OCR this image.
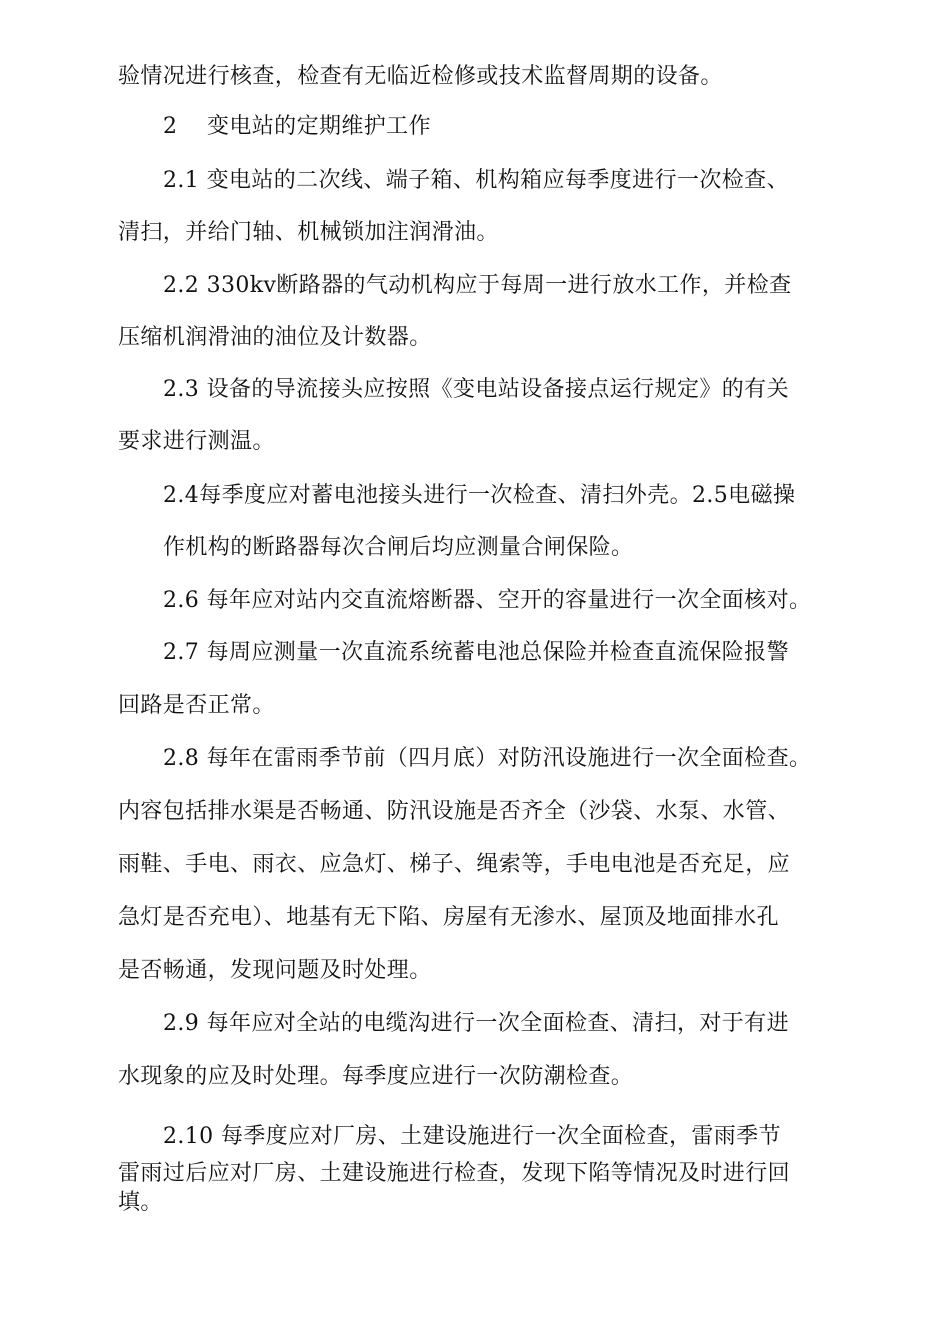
验情况进行核查，检查有无临近检修或技术监督周期的设备。
2    变电站的定期维护工作
2.1 变电站的二次线、端子箱、机构箱应每季度进行一次检查、
清扫，并给门轴、机械锁加注润滑油。
2.2 330kv断路器的气动机构应于每周一进行放水工作，并检查
压缩机润滑油的油位及计数器。
2.3 设备的导流接头应按照《变电站设备接点运行规定》的有关
要求进行测温。
2.4每季度应对蓄电池接头进行一次检查、清扫外壳。2.5电磁操
作机构的断路器每次合闸后均应测量合闸保险。
2.6 每年应对站内交直流熔断器、空开的容量进行一次全面核对。
2.7 每周应测量一次直流系统蓄电池总保险并检查直流保险报警
回路是否正常。
2.8 每年在雷雨季节前（四月底）对防汛设施进行一次全面检查。
内容包括排水渠是否畅通、防汛设施是否齐全（沙袋、水泵、水管、
雨鞋、手电、雨衣、应急灯、梯子、绳索等，手电电池是否充足，应
急灯是否充电）、地基有无下陷、房屋有无渗水、屋顶及地面排水孔
是否畅通，发现问题及时处理。
2.9 每年应对全站的电缆沟进行一次全面检查、清扫，对于有进
水现象的应及时处理。每季度应进行一次防潮检查。
2.10 每季度应对厂房、土建设施进行一次全面检查，雷雨季节
雷雨过后应对厂房、土建设施进行检查，发现下陷等情况及时进行回
填。
